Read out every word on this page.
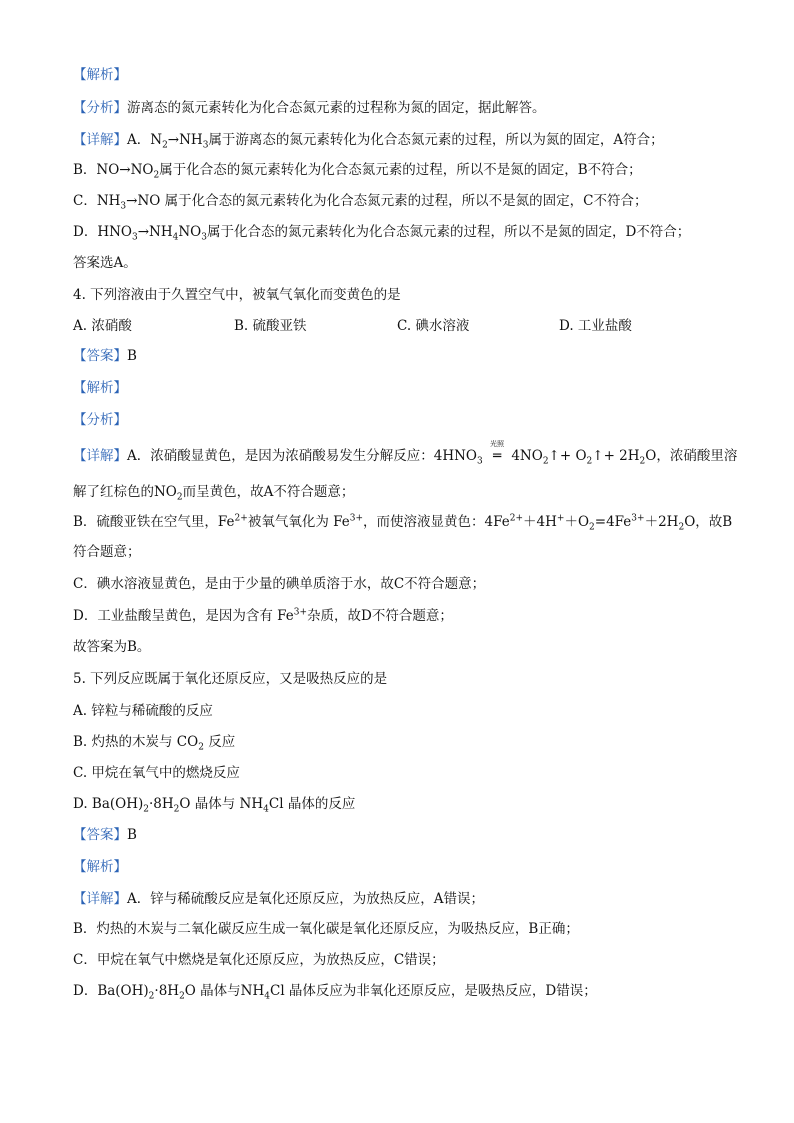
【解析】
【分析】游离态的氮元素转化为化合态氮元素的过程称为氮的固定，据此解答。
【详解】A．$N_2\to NH_3$属于游离态的氮元素转化为化合态氮元素的过程，所以为氮的固定，A符合；
B．$NO\to NO_2$属于化合态的氮元素转化为化合态氮元素的过程，所以不是氮的固定，B不符合；
C．$NH_3\to NO$ 属于化合态的氮元素转化为化合态氮元素的过程，所以不是氮的固定，C不符合；
D．$HNO_3\to NH_4NO_3$属于化合态的氮元素转化为化合态氮元素的过程，所以不是氮的固定，D不符合；
答案选A。
4. 下列溶液由于久置空气中，被氧气氧化而变黄色的是
A. 浓硝酸	B. 硫酸亚铁	C. 碘水溶液	D. 工业盐酸
【答案】B
【解析】
【分析】
【详解】A．浓硝酸显黄色，是因为浓硝酸易发生分解反应：$4HNO_3$
光照
═ $4NO_2↑+$ $O_2↑+ 2H_2O$，浓硝酸里溶
解了红棕色的$NO_2$而呈黄色，故A不符合题意；
B．硫酸亚铁在空气里，$Fe^{2+}$被氧气氧化为 $Fe^{3+}$，而使溶液显黄色：$4Fe^{2+}+4H^++O_2=4Fe^{3+}+2H_2O$，故B
符合题意；
C．碘水溶液显黄色，是由于少量的碘单质溶于水，故C不符合题意；
D．工业盐酸呈黄色，是因为含有 $Fe^{3+}$杂质，故D不符合题意；
故答案为B。
5. 下列反应既属于氧化还原反应，又是吸热反应的是
A. 锌粒与稀硫酸的反应
B. 灼热的木炭与 $CO_2$ 反应
C. 甲烷在氧气中的燃烧反应
D. $Ba(OH)_2\cdot 8H_2O$ 晶体与 $NH_4Cl$ 晶体的反应
【答案】B
【解析】
【详解】A．锌与稀硫酸反应是氧化还原反应，为放热反应，A错误；
B．灼热的木炭与二氧化碳反应生成一氧化碳是氧化还原反应，为吸热反应，B正确；
C．甲烷在氧气中燃烧是氧化还原反应，为放热反应，C错误；
D．$Ba(OH)_2\cdot 8H_2O$ 晶体与$NH_4Cl$ 晶体反应为非氧化还原反应，是吸热反应，D错误；
